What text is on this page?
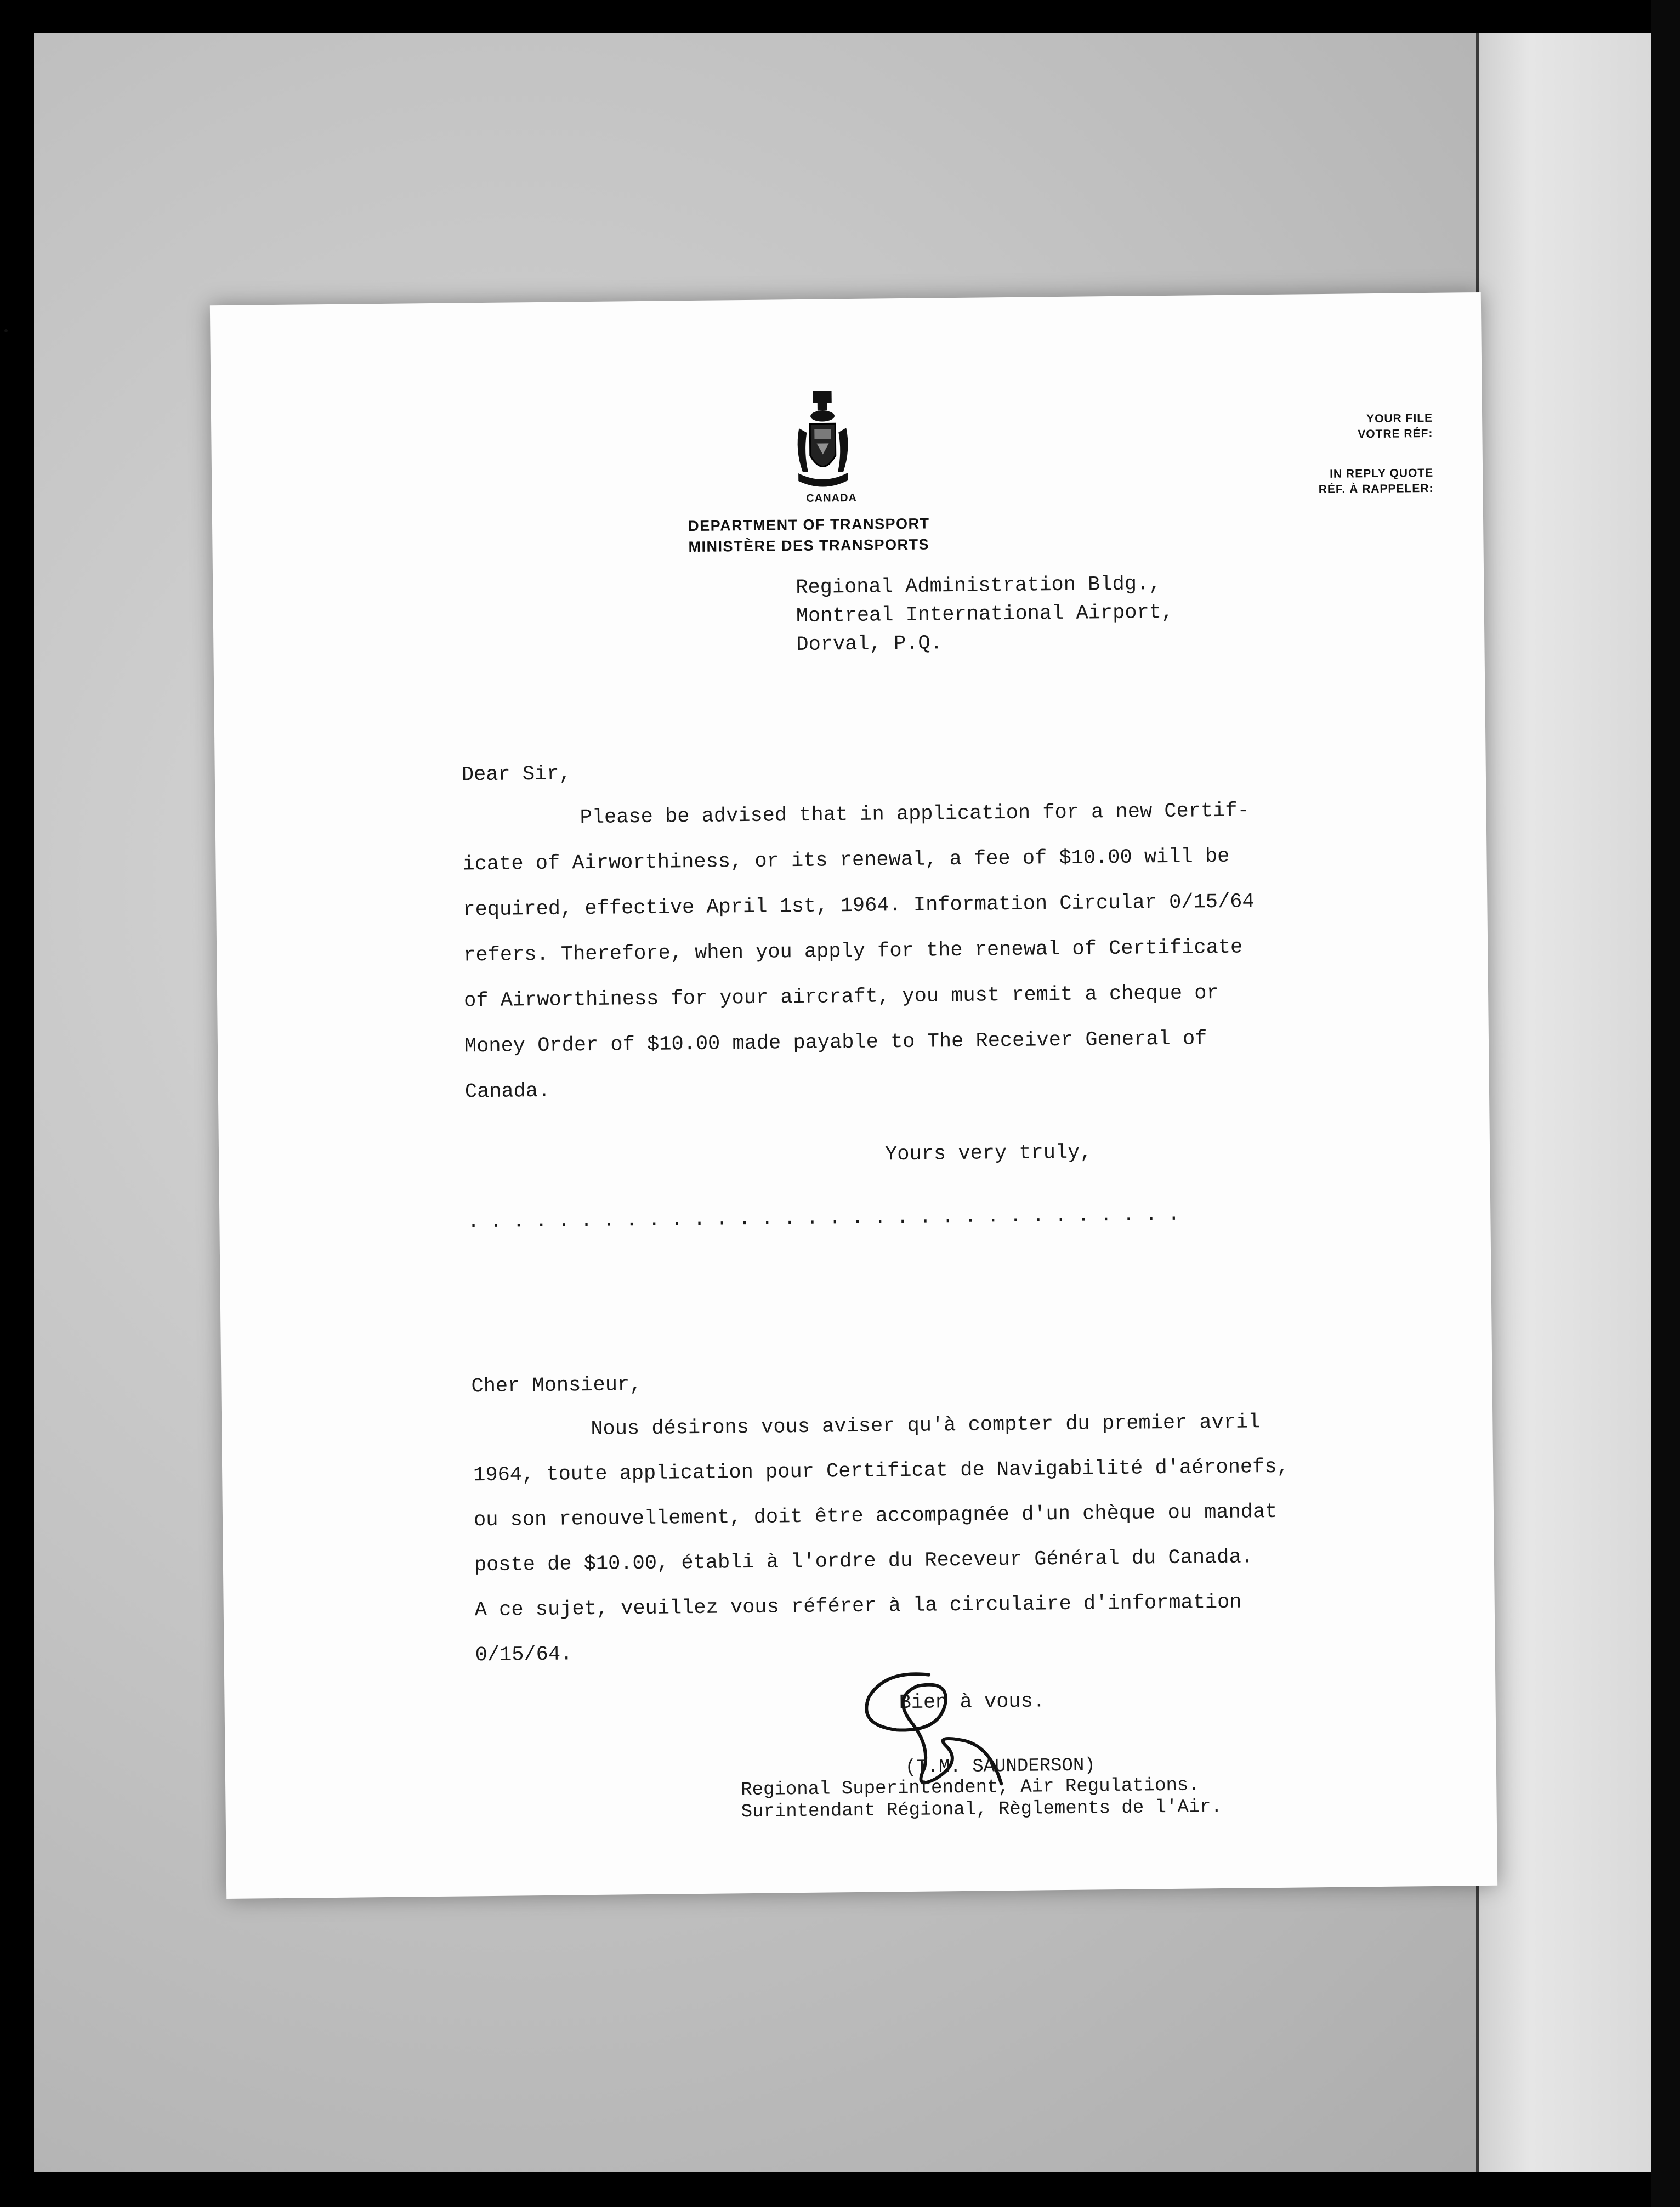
CANADA
DEPARTMENT OF TRANSPORT
MINISTÈRE DES TRANSPORTS
YOUR FILE
VOTRE RÉF:
IN REPLY QUOTE
RÉF. À RAPPELER:
Regional Administration Bldg.,
Montreal International Airport,
Dorval, P.Q.
Dear Sir,
Please be advised that in application for a new Certif-
icate of Airworthiness, or its renewal, a fee of $10.00 will be
required, effective April 1st, 1964. Information Circular 0/15/64
refers. Therefore, when you apply for the renewal of Certificate
of Airworthiness for your aircraft, you must remit a cheque or
Money Order of $10.00 made payable to The Receiver General of
Canada.
Yours very truly,
................................
Cher Monsieur,
Nous désirons vous aviser qu'à compter du premier avril
1964, toute application pour Certificat de Navigabilité d'aéronefs,
ou son renouvellement, doit être accompagnée d'un chèque ou mandat
poste de $10.00, établi à l'ordre du Receveur Général du Canada.
A ce sujet, veuillez vous référer à la circulaire d'information
0/15/64.
Bien à vous.
(T.M. SAUNDERSON)
Regional Superintendent, Air Regulations.
Surintendant Régional, Règlements de l'Air.
